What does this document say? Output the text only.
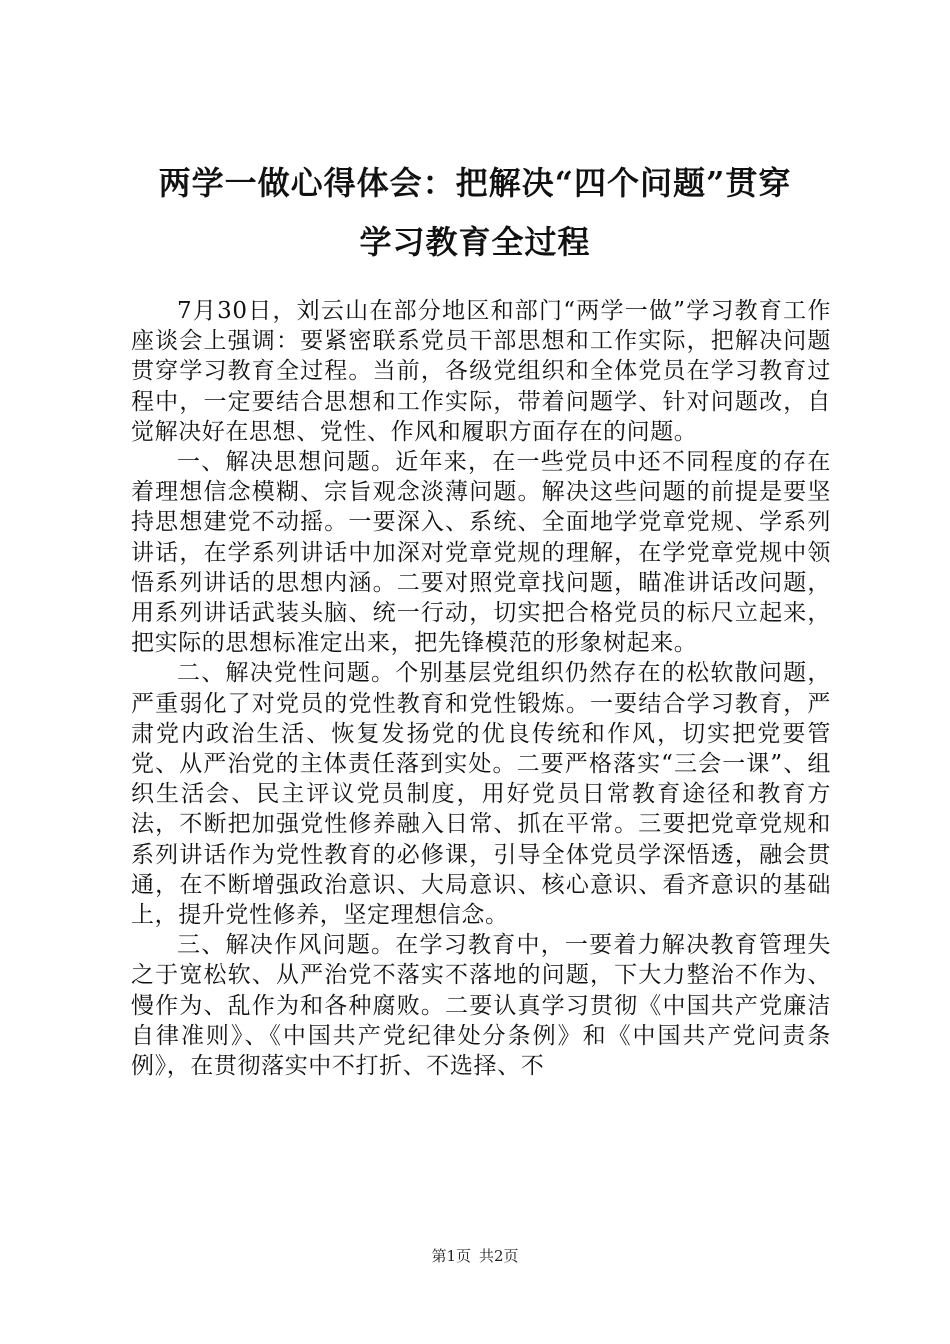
两学一做心得体会：把解决“四个问题”贯穿
学习教育全过程

7月30日，刘云山在部分地区和部门“两学一做”学习教育工作座谈会上强调：要紧密联系党员干部思想和工作实际，把解决问题贯穿学习教育全过程。当前，各级党组织和全体党员在学习教育过程中，一定要结合思想和工作实际，带着问题学、针对问题改，自觉解决好在思想、党性、作风和履职方面存在的问题。

一、解决思想问题。近年来，在一些党员中还不同程度的存在着理想信念模糊、宗旨观念淡薄问题。解决这些问题的前提是要坚持思想建党不动摇。一要深入、系统、全面地学党章党规、学系列讲话，在学系列讲话中加深对党章党规的理解，在学党章党规中领悟系列讲话的思想内涵。二要对照党章找问题，瞄准讲话改问题，用系列讲话武装头脑、统一行动，切实把合格党员的标尺立起来，把实际的思想标准定出来，把先锋模范的形象树起来。

二、解决党性问题。个别基层党组织仍然存在的松软散问题，严重弱化了对党员的党性教育和党性锻炼。一要结合学习教育，严肃党内政治生活、恢复发扬党的优良传统和作风，切实把党要管党、从严治党的主体责任落到实处。二要严格落实“三会一课”、组织生活会、民主评议党员制度，用好党员日常教育途径和教育方法，不断把加强党性修养融入日常、抓在平常。三要把党章党规和系列讲话作为党性教育的必修课，引导全体党员学深悟透，融会贯通，在不断增强政治意识、大局意识、核心意识、看齐意识的基础上，提升党性修养，坚定理想信念。

三、解决作风问题。在学习教育中，一要着力解决教育管理失之于宽松软、从严治党不落实不落地的问题，下大力整治不作为、慢作为、乱作为和各种腐败。二要认真学习贯彻《中国共产党廉洁自律准则》、《中国共产党纪律处分条例》和《中国共产党问责条例》，在贯彻落实中不打折、不选择、不

第1页 共2页
